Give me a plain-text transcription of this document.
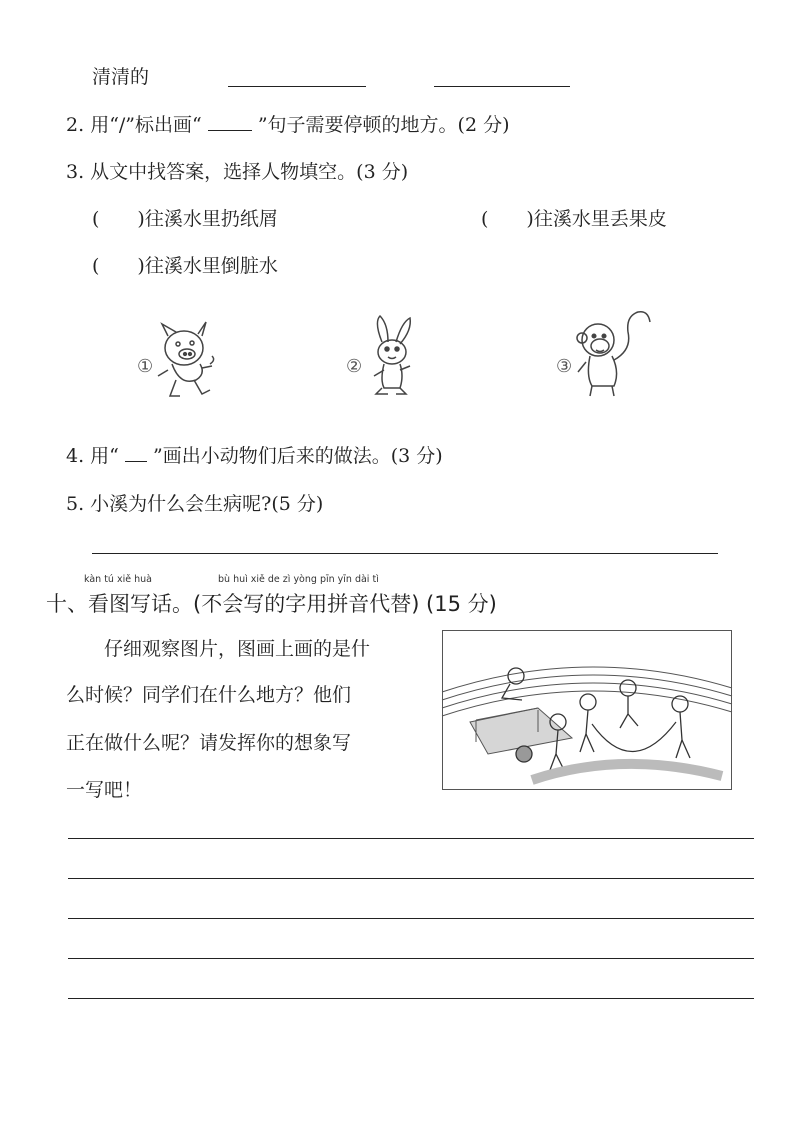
清清的
2. 用“/”标出画“	”句子需要停顿的地方。(2 分)
3. 从文中找答案，选择人物填空。(3 分)
(　　)往溪水里扔纸屑	(　　)往溪水里丢果皮
(　　)往溪水里倒脏水
①	②	③
4. 用“ ”画出小动物们后来的做法。(3 分)
5. 小溪为什么会生病呢?(5 分)
kàn tú xiě huà	bù huì xiě de zì yòng pīn yīn dài tì
十、看图写话。(不会写的字用拼音代替) (15 分)
仔细观察图片，图画上画的是什
么时候？同学们在什么地方？他们
正在做什么呢？请发挥你的想象写
一写吧！
